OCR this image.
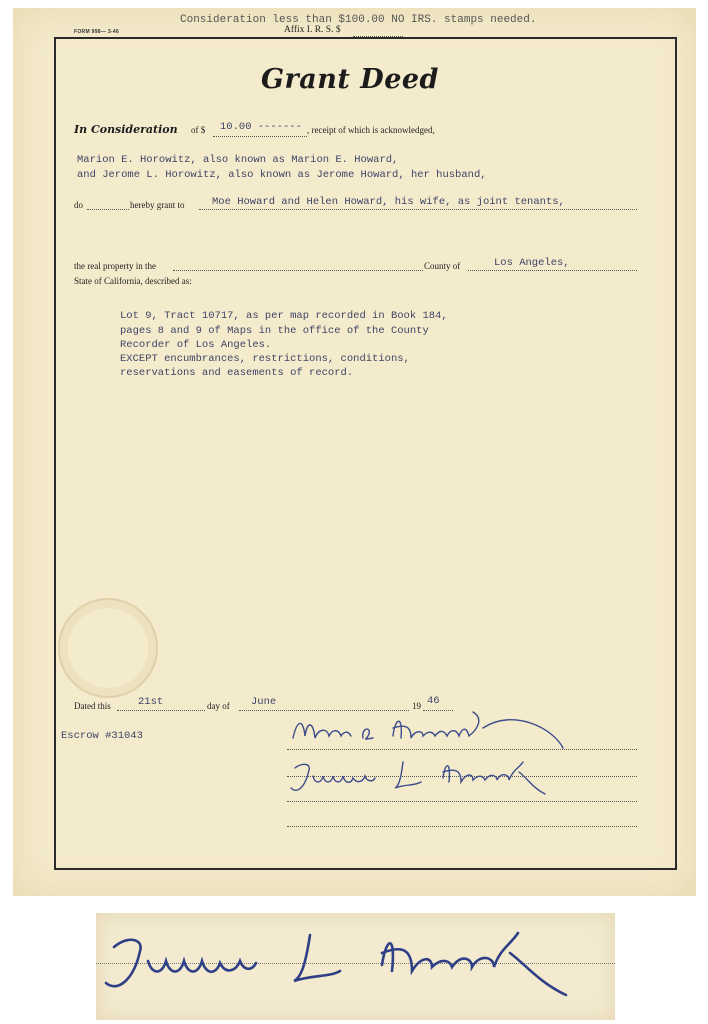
FORM 998— 3-46
Consideration less than $100.00 NO IRS. stamps needed.
Affix I. R. S. $
Grant Deed
In Consideration of $ 10.00 ------- , receipt of which is acknowledged,
Marion E. Horowitz, also known as Marion E. Howard,
and Jerome L. Horowitz, also known as Jerome Howard, her husband,
do	hereby grant to	Moe Howard and Helen Howard, his wife, as joint tenants,
the real property in the	County of	Los Angeles,
State of California, described as:
Lot 9, Tract 10717, as per map recorded in Book 184,
pages 8 and 9 of Maps in the office of the County
Recorder of Los Angeles.
EXCEPT encumbrances, restrictions, conditions,
reservations and easements of record.
Dated this	21st	day of June	19 46
Escrow #31043
